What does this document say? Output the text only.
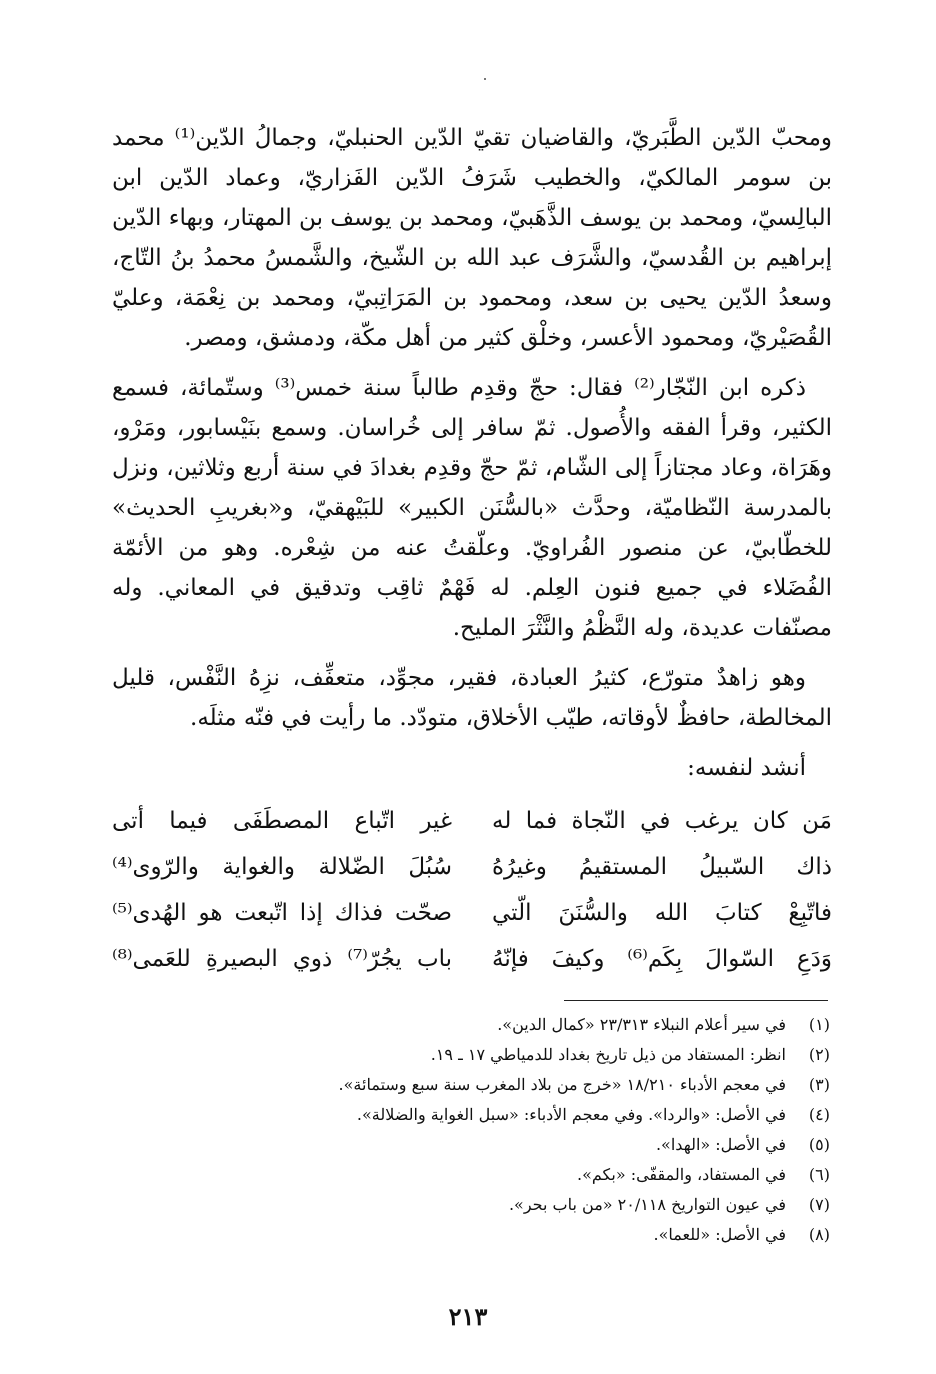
ومحبّ الدّين الطَّبَريّ، والقاضيان تقيّ الدّين الحنبليّ، وجمالُ الدّين⁽¹⁾ محمد بن سومر المالكيّ، والخطيب شَرَفُ الدّين الفَزاريّ، وعماد الدّين ابن البالِسيّ، ومحمد بن يوسف الذَّهَبيّ، ومحمد بن يوسف بن المهتار، وبهاء الدّين إبراهيم بن القُدسيّ، والشَّرَف عبد الله بن الشّيخ، والشَّمسُ محمدُ بنُ التّاج، وسعدُ الدّين يحيى بن سعد، ومحمود بن المَرَاتِبيّ، ومحمد بن نِعْمَة، وعليّ القُصَيْريّ، ومحمود الأعسر، وخلْق كثير من أهل مكّة، ودمشق، ومصر.

ذكره ابن النّجّار⁽²⁾ فقال: حجّ وقدِم طالباً سنة خمس⁽³⁾ وستّمائة، فسمع الكثير، وقرأ الفقه والأُصول. ثمّ سافر إلى خُراسان. وسمع بنَيْسابور، ومَرْو، وهَرَاة، وعاد مجتازاً إلى الشّام، ثمّ حجّ وقدِم بغدادَ في سنة أربع وثلاثين، ونزل بالمدرسة النّظاميّة، وحدَّث «بالسُّنَن الكبير» للبَيْهقيّ، و«بغريبِ الحديث» للخطّابيّ، عن منصور الفُراويّ. وعلّقتُ عنه من شِعْره. وهو من الأئمّة الفُضَلاء في جميع فنون العِلم. له فَهْمٌ ثاقِب وتدقيق في المعاني. وله مصنّفات عديدة، وله النَّظْمُ والنَّثْرَ المليح.

وهو زاهدٌ متورّع، كثيرُ العبادة، فقير، مجوِّد، متعفِّف، نزِهُ النَّفْس، قليل المخالطة، حافظٌ لأوقاته، طيّب الأخلاق، متودّد. ما رأيت في فنّه مثلَه.

أنشد لنفسه:
مَن كان يرغب في النّجاة فما له
غير اتّباع المصطَفَى فيما أتى
ذاك السّبيلُ المستقيمُ وغيرُهُ
سُبُلَ الضّلالة والغواية والرّوى⁽⁴⁾
فاتّبِعْ كتابَ الله والسُّنَنَ الّتي
صحّت فذاك إذا اتّبعت هو الهُدى⁽⁵⁾
وَدَعِ السّوالَ بِكَم⁽⁶⁾ وكيفَ فإنّهُ
باب يجُرّ⁽⁷⁾ ذوي البصيرةِ للعَمى⁽⁸⁾
(١)
في سير أعلام النبلاء ٢٣/٣١٣ «كمال الدين».
(٢)
انظر: المستفاد من ذيل تاريخ بغداد للدمياطي ١٧ ـ ١٩.
(٣)
في معجم الأدباء ١٨/٢١٠ «خرج من بلاد المغرب سنة سبع وستمائة».
(٤)
في الأصل: «والردا». وفي معجم الأدباء: «سبل الغواية والضلالة».
(٥)
في الأصل: «الهدا».
(٦)
في المستفاد، والمقفّى: «بكم».
(٧)
في عيون التواريخ ٢٠/١١٨ «من باب بحر».
(٨)
في الأصل: «للعما».
٢١٣
